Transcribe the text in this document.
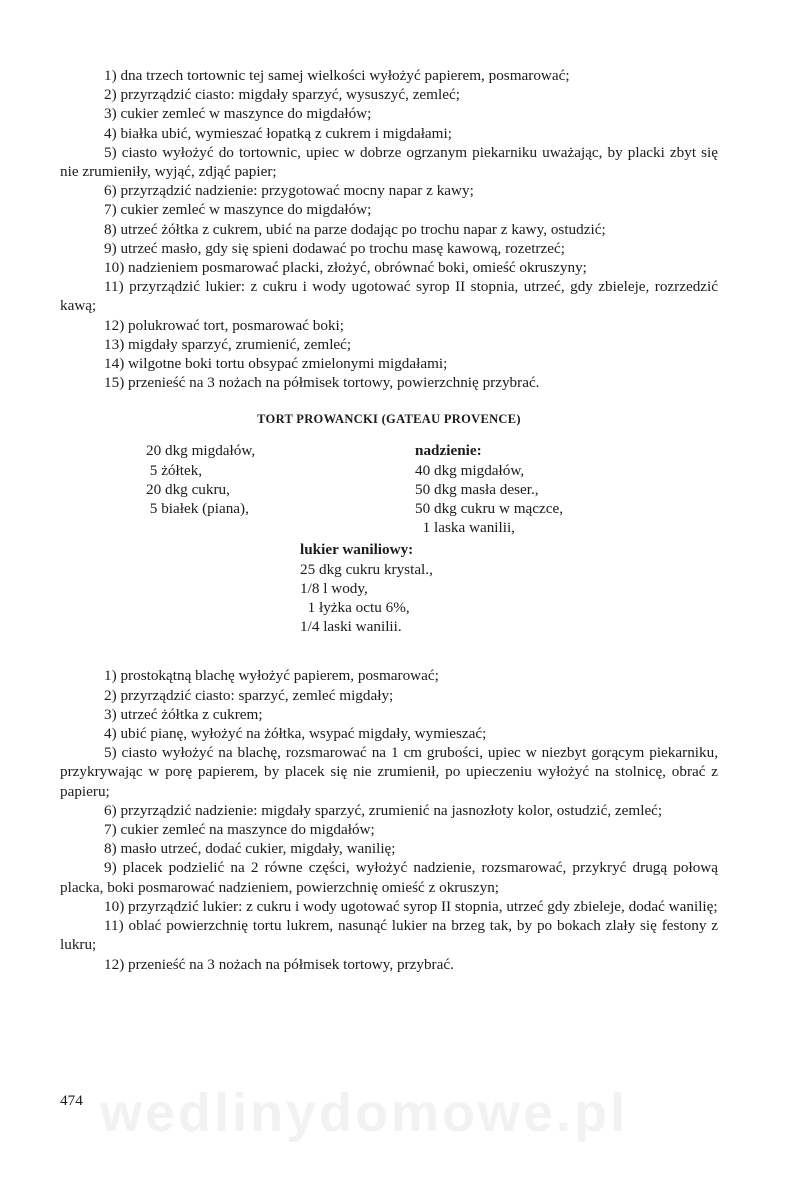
1) dna trzech tortownic tej samej wielkości wyłożyć papierem, posmarować;
2) przyrządzić ciasto: migdały sparzyć, wysuszyć, zemleć;
3) cukier zemleć w maszynce do migdałów;
4) białka ubić, wymieszać łopatką z cukrem i migdałami;
5) ciasto wyłożyć do tortownic, upiec w dobrze ogrzanym piekarniku uważając, by placki zbyt się nie zrumieniły, wyjąć, zdjąć papier;
6) przyrządzić nadzienie: przygotować mocny napar z kawy;
7) cukier zemleć w maszynce do migdałów;
8) utrzeć żółtka z cukrem, ubić na parze dodając po trochu napar z kawy, ostudzić;
9) utrzeć masło, gdy się spieni dodawać po trochu masę kawową, rozetrzeć;
10) nadzieniem posmarować placki, złożyć, obrównać boki, omieść okruszyny;
11) przyrządzić lukier: z cukru i wody ugotować syrop II stopnia, utrzeć, gdy zbieleje, rozrzedzić kawą;
12) polukrować tort, posmarować boki;
13) migdały sparzyć, zrumienić, zemleć;
14) wilgotne boki tortu obsypać zmielonymi migdałami;
15) przenieść na 3 nożach na półmisek tortowy, powierzchnię przybrać.
TORT PROWANCKI (GATEAU PROVENCE)
20 dkg migdałów,
5 żółtek,
20 dkg cukru,
5 białek (piana),
nadzienie:
40 dkg migdałów,
50 dkg masła deser.,
50 dkg cukru w mączce,
1 laska wanilii,
lukier waniliowy:
25 dkg cukru krystal.,
1/8 l wody,
1 łyżka octu 6%,
1/4 laski wanilii.
1) prostokątną blachę wyłożyć papierem, posmarować;
2) przyrządzić ciasto: sparzyć, zemleć migdały;
3) utrzeć żółtka z cukrem;
4) ubić pianę, wyłożyć na żółtka, wsypać migdały, wymieszać;
5) ciasto wyłożyć na blachę, rozsmarować na 1 cm grubości, upiec w niezbyt gorącym piekarniku, przykrywając w porę papierem, by placek się nie zrumienił, po upieczeniu wyłożyć na stolnicę, obrać z papieru;
6) przyrządzić nadzienie: migdały sparzyć, zrumienić na jasnozłoty kolor, ostudzić, zemleć;
7) cukier zemleć na maszynce do migdałów;
8) masło utrzeć, dodać cukier, migdały, wanilię;
9) placek podzielić na 2 równe części, wyłożyć nadzienie, rozsmarować, przykryć drugą połową placka, boki posmarować nadzieniem, powierzchnię omieść z okruszyn;
10) przyrządzić lukier: z cukru i wody ugotować syrop II stopnia, utrzeć gdy zbieleje, dodać wanilię;
11) oblać powierzchnię tortu lukrem, nasunąć lukier na brzeg tak, by po bokach zlały się festony z lukru;
12) przenieść na 3 nożach na półmisek tortowy, przybrać.
wedlinydomowe.pl
474
